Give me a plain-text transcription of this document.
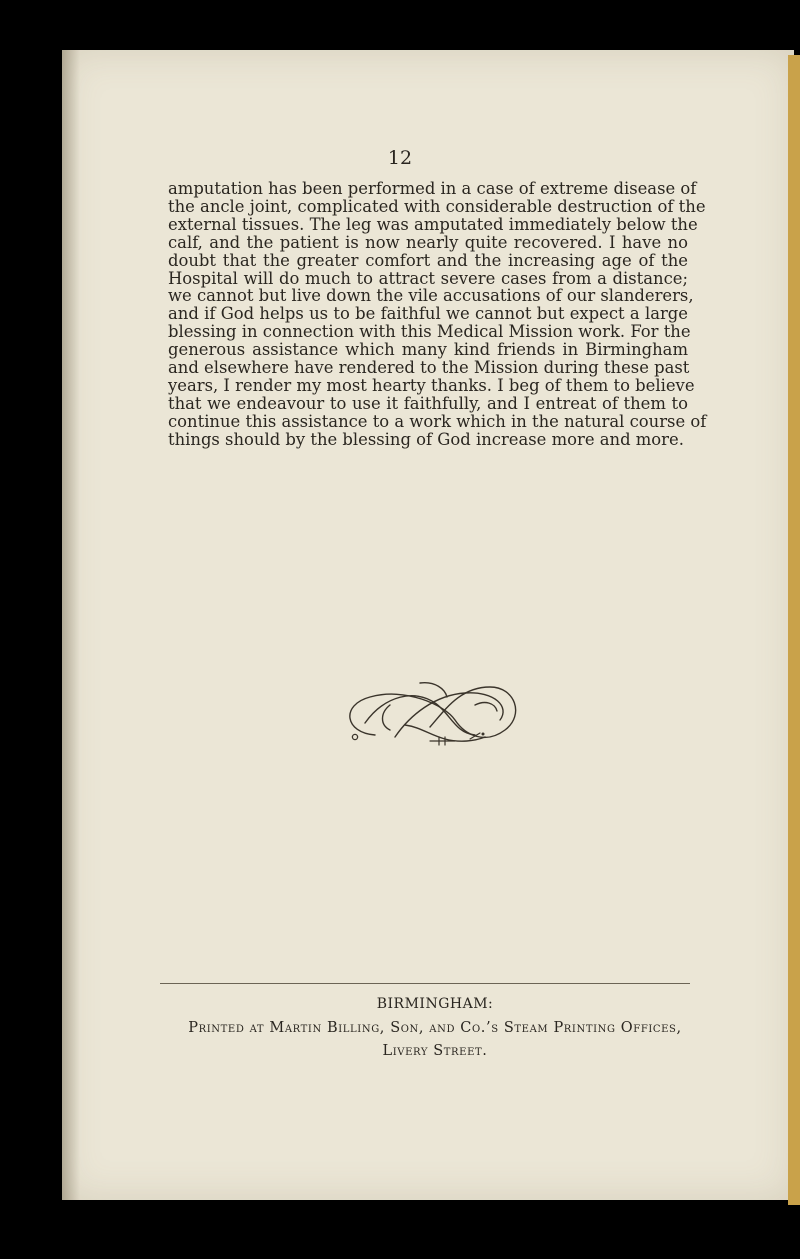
12
amputation has been performed in a case of extreme disease of
the ancle joint, complicated with considerable destruction of the
external tissues. The leg was amputated immediately below the
calf, and the patient is now nearly quite recovered. I have no
doubt that the greater comfort and the increasing age of the
Hospital will do much to attract severe cases from a distance;
we cannot but live down the vile accusations of our slanderers,
and if God helps us to be faithful we cannot but expect a large
blessing in connection with this Medical Mission work. For the
generous assistance which many kind friends in Birmingham
and elsewhere have rendered to the Mission during these past
years, I render my most hearty thanks. I beg of them to believe
that we endeavour to use it faithfully, and I entreat of them to
continue this assistance to a work which in the natural course of
things should by the blessing of God increase more and more.
BIRMINGHAM:
Printed at Martin Billing, Son, and Co.’s Steam Printing Offices,
Livery Street.
